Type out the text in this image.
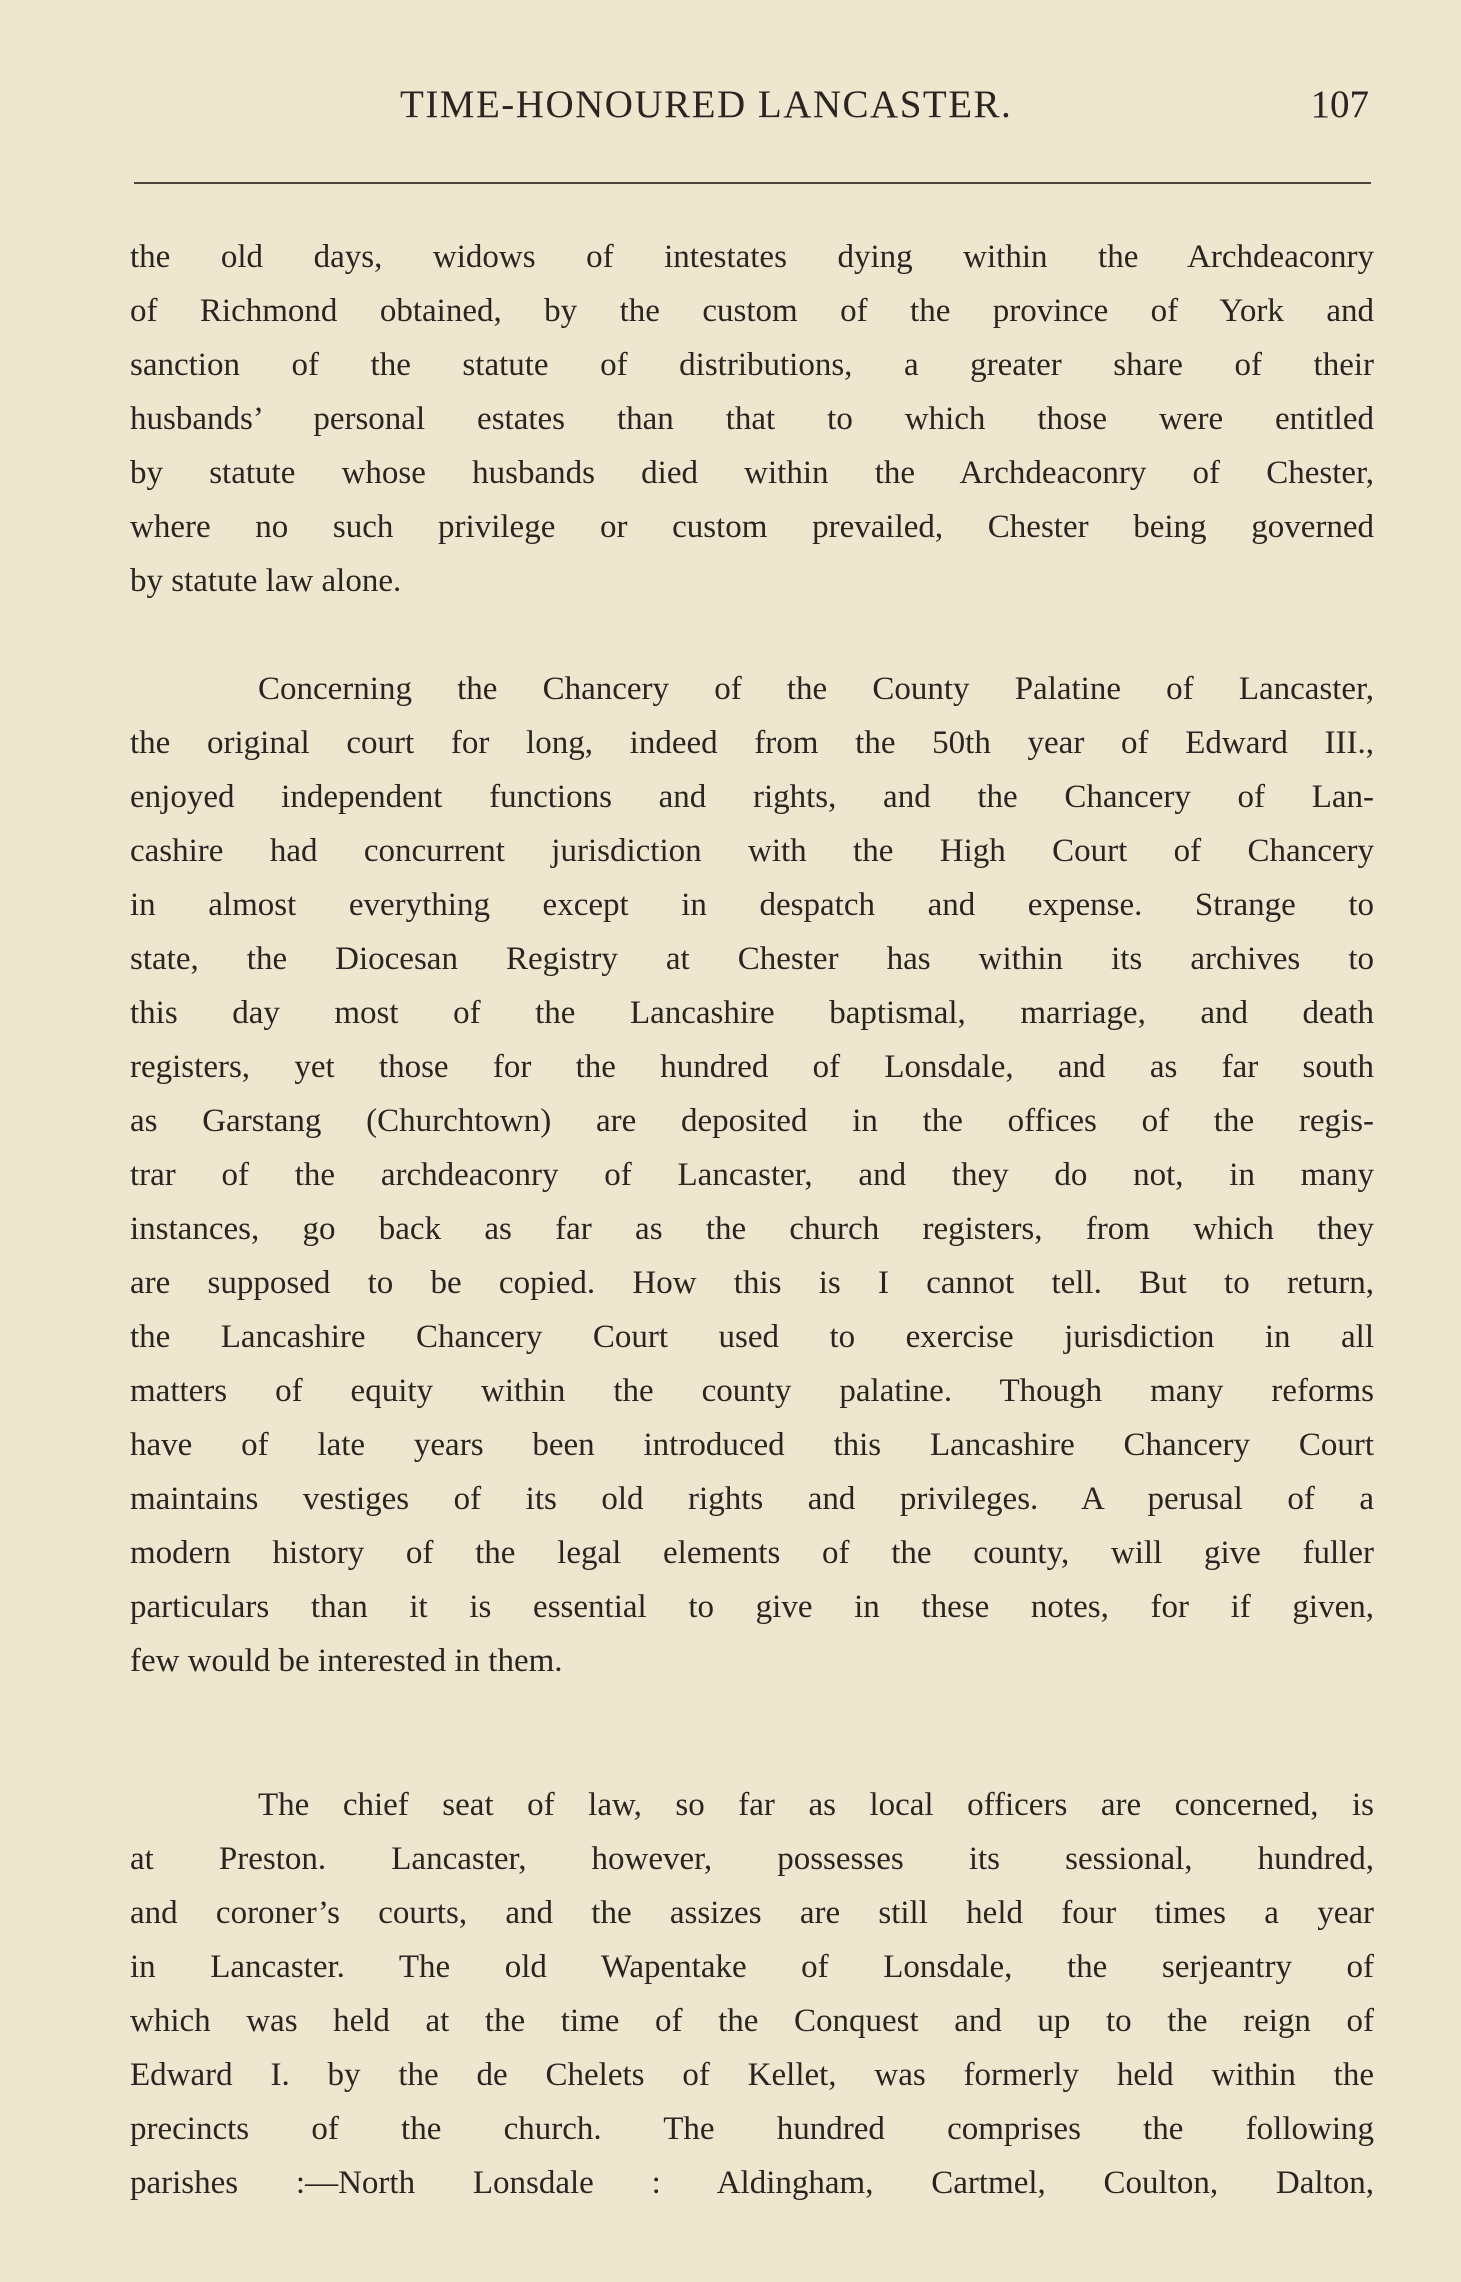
TIME-HONOURED LANCASTER.	107

the old days, widows of intestates dying within the Archdeaconry
of Richmond obtained, by the custom of the province of York and
sanction of the statute of distributions, a greater share of their
husbands’ personal estates than that to which those were entitled
by statute whose husbands died within the Archdeaconry of Chester,
where no such privilege or custom prevailed, Chester being governed
by statute law alone.

Concerning the Chancery of the County Palatine of Lancaster,
the original court for long, indeed from the 50th year of Edward III.,
enjoyed independent functions and rights, and the Chancery of Lan-
cashire had concurrent jurisdiction with the High Court of Chancery
in almost everything except in despatch and expense. Strange to
state, the Diocesan Registry at Chester has within its archives to
this day most of the Lancashire baptismal, marriage, and death
registers, yet those for the hundred of Lonsdale, and as far south
as Garstang (Churchtown) are deposited in the offices of the regis-
trar of the archdeaconry of Lancaster, and they do not, in many
instances, go back as far as the church registers, from which they
are supposed to be copied. How this is I cannot tell. But to return,
the Lancashire Chancery Court used to exercise jurisdiction in all
matters of equity within the county palatine. Though many reforms
have of late years been introduced this Lancashire Chancery Court
maintains vestiges of its old rights and privileges. A perusal of a
modern history of the legal elements of the county, will give fuller
particulars than it is essential to give in these notes, for if given,
few would be interested in them.

The chief seat of law, so far as local officers are concerned, is
at Preston. Lancaster, however, possesses its sessional, hundred,
and coroner’s courts, and the assizes are still held four times a year
in Lancaster. The old Wapentake of Lonsdale, the serjeantry of
which was held at the time of the Conquest and up to the reign of
Edward I. by the de Chelets of Kellet, was formerly held within the
precincts of the church. The hundred comprises the following
parishes :—North Lonsdale : Aldingham, Cartmel, Coulton, Dalton,
